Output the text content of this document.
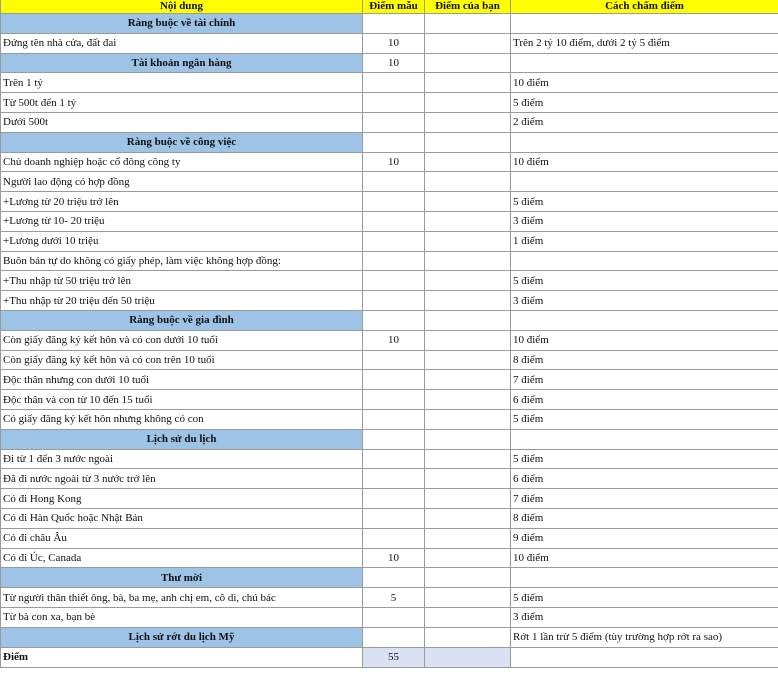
Nội dung	Điểm mẫu	Điểm của bạn	Cách chấm điểm
Ràng buộc về tài chính			
Đứng tên nhà cửa, đất đai	10		Trên 2 tỷ 10 điểm, dưới 2 tỷ 5 điểm
Tài khoản ngân hàng	10		
Trên 1 tỷ			10 điểm
Từ 500t đến 1 tỷ			5 điểm
Dưới 500t			2 điểm
Ràng buộc về công việc			
Chủ doanh nghiệp hoặc cổ đông công ty	10		10 điểm
Người lao động có hợp đồng			
+Lương từ 20 triệu trở lên			5 điểm
+Lương từ 10- 20 triệu			3 điểm
+Lương dưới 10 triệu			1 điểm
Buôn bán tự do không có giấy phép, làm việc không hợp đồng:			
+Thu nhập từ 50 triệu trở lên			5 điểm
+Thu nhập từ 20 triệu đến 50 triệu			3 điểm
Ràng buộc về gia đình			
Còn giấy đăng ký kết hôn và có con dưới 10 tuổi	10		10 điểm
Còn giấy đăng ký kết hôn và có con trên 10 tuổi			8 điểm
Độc thân nhưng con dưới 10 tuổi			7 điểm
Độc thân và con từ 10 đến 15 tuổi			6 điểm
Có giấy đăng ký kết hôn nhưng không có con			5 điểm
Lịch sử du lịch			
Đi từ 1 đến 3 nước ngoài			5 điểm
Đã đi nước ngoài từ 3 nước trở lên			6 điểm
Có đi Hong Kong			7 điểm
Có đi Hàn Quốc hoặc Nhật Bản			8 điểm
Có đi châu Âu			9 điểm
Có đi Úc, Canada	10		10 điểm
Thư mời			
Từ người thân thiết ông, bà, ba mẹ, anh chị em, cô dì, chú bác	5		5 điểm
Từ bà con xa, bạn bè			3 điểm
Lịch sử rớt du lịch Mỹ			Rớt 1 lần trừ 5 điểm (tùy trường hợp rớt ra sao)
Điểm	55		
